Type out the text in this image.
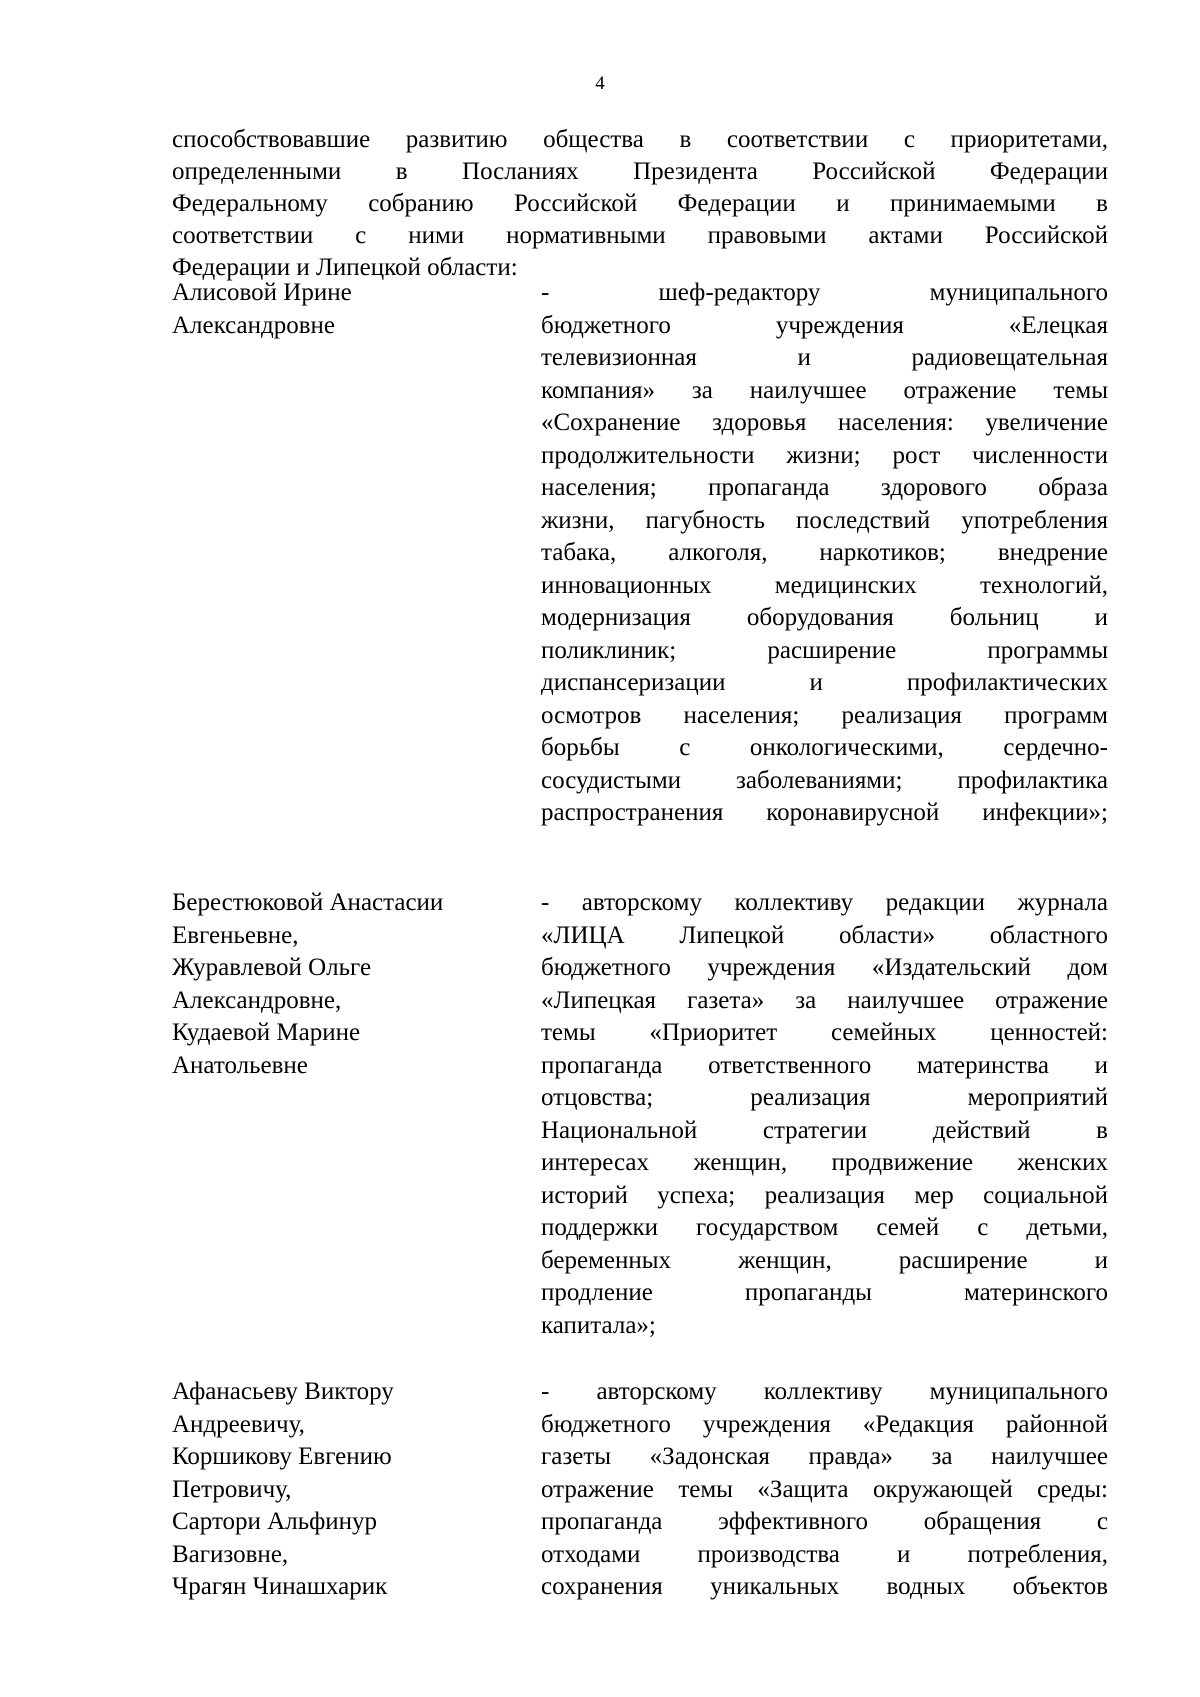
4
способствовавшие развитию общества в соответствии с приоритетами,
определенными в Посланиях Президента Российской Федерации
Федеральному собранию Российской Федерации и принимаемыми в
соответствии с ними нормативными правовыми актами Российской
Федерации и Липецкой области:
Алисовой Ирине
Александровне
- шеф-редактору муниципального
бюджетного учреждения «Елецкая
телевизионная и радиовещательная
компания» за наилучшее отражение темы
«Сохранение здоровья населения: увеличение
продолжительности жизни; рост численности
населения; пропаганда здорового образа
жизни, пагубность последствий употребления
табака, алкоголя, наркотиков; внедрение
инновационных медицинских технологий,
модернизация оборудования больниц и
поликлиник; расширение программы
диспансеризации и профилактических
осмотров населения; реализация программ
борьбы с онкологическими, сердечно-
сосудистыми заболеваниями; профилактика
распространения коронавирусной инфекции»;
Берестюковой Анастасии
Евгеньевне,
Журавлевой Ольге
Александровне,
Кудаевой Марине
Анатольевне
- авторскому коллективу редакции журнала
«ЛИЦА Липецкой области» областного
бюджетного учреждения «Издательский дом
«Липецкая газета» за наилучшее отражение
темы «Приоритет семейных ценностей:
пропаганда ответственного материнства и
отцовства; реализация мероприятий
Национальной стратегии действий в
интересах женщин, продвижение женских
историй успеха; реализация мер социальной
поддержки государством семей с детьми,
беременных женщин, расширение и
продление пропаганды материнского
капитала»;
Афанасьеву Виктору
Андреевичу,
Коршикову Евгению
Петровичу,
Сартори Альфинур
Вагизовне,
Чрагян Чинашхарик
- авторскому коллективу муниципального
бюджетного учреждения «Редакция районной
газеты «Задонская правда» за наилучшее
отражение темы «Защита окружающей среды:
пропаганда эффективного обращения с
отходами производства и потребления,
сохранения уникальных водных объектов
